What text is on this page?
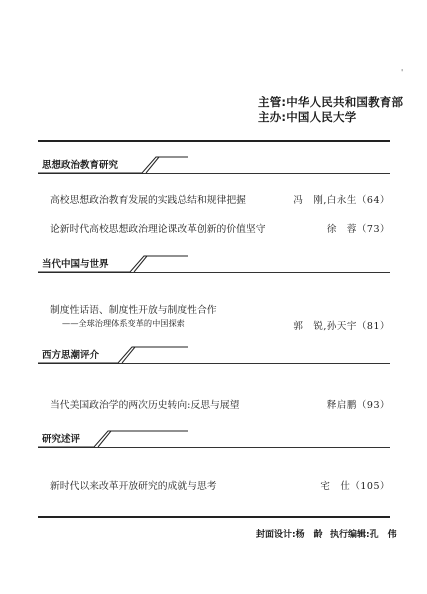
'
主管:中华人民共和国教育部
主办:中国人民大学
思想政治教育研究
高校思想政治教育发展的实践总结和规律把握	冯　刚,白永生（64）
论新时代高校思想政治理论课改革创新的价值坚守	徐　蓉（73）
当代中国与世界
制度性话语、制度性开放与制度性合作
——全球治理体系变革的中国探索	郭　锐,孙天宇（81）
西方思潮评介
当代美国政治学的两次历史转向:反思与展望	释启鹏（93）
研究述评
新时代以来改革开放研究的成就与思考	宅　仕（105）
封面设计:杨　龄 执行编辑:孔　伟
